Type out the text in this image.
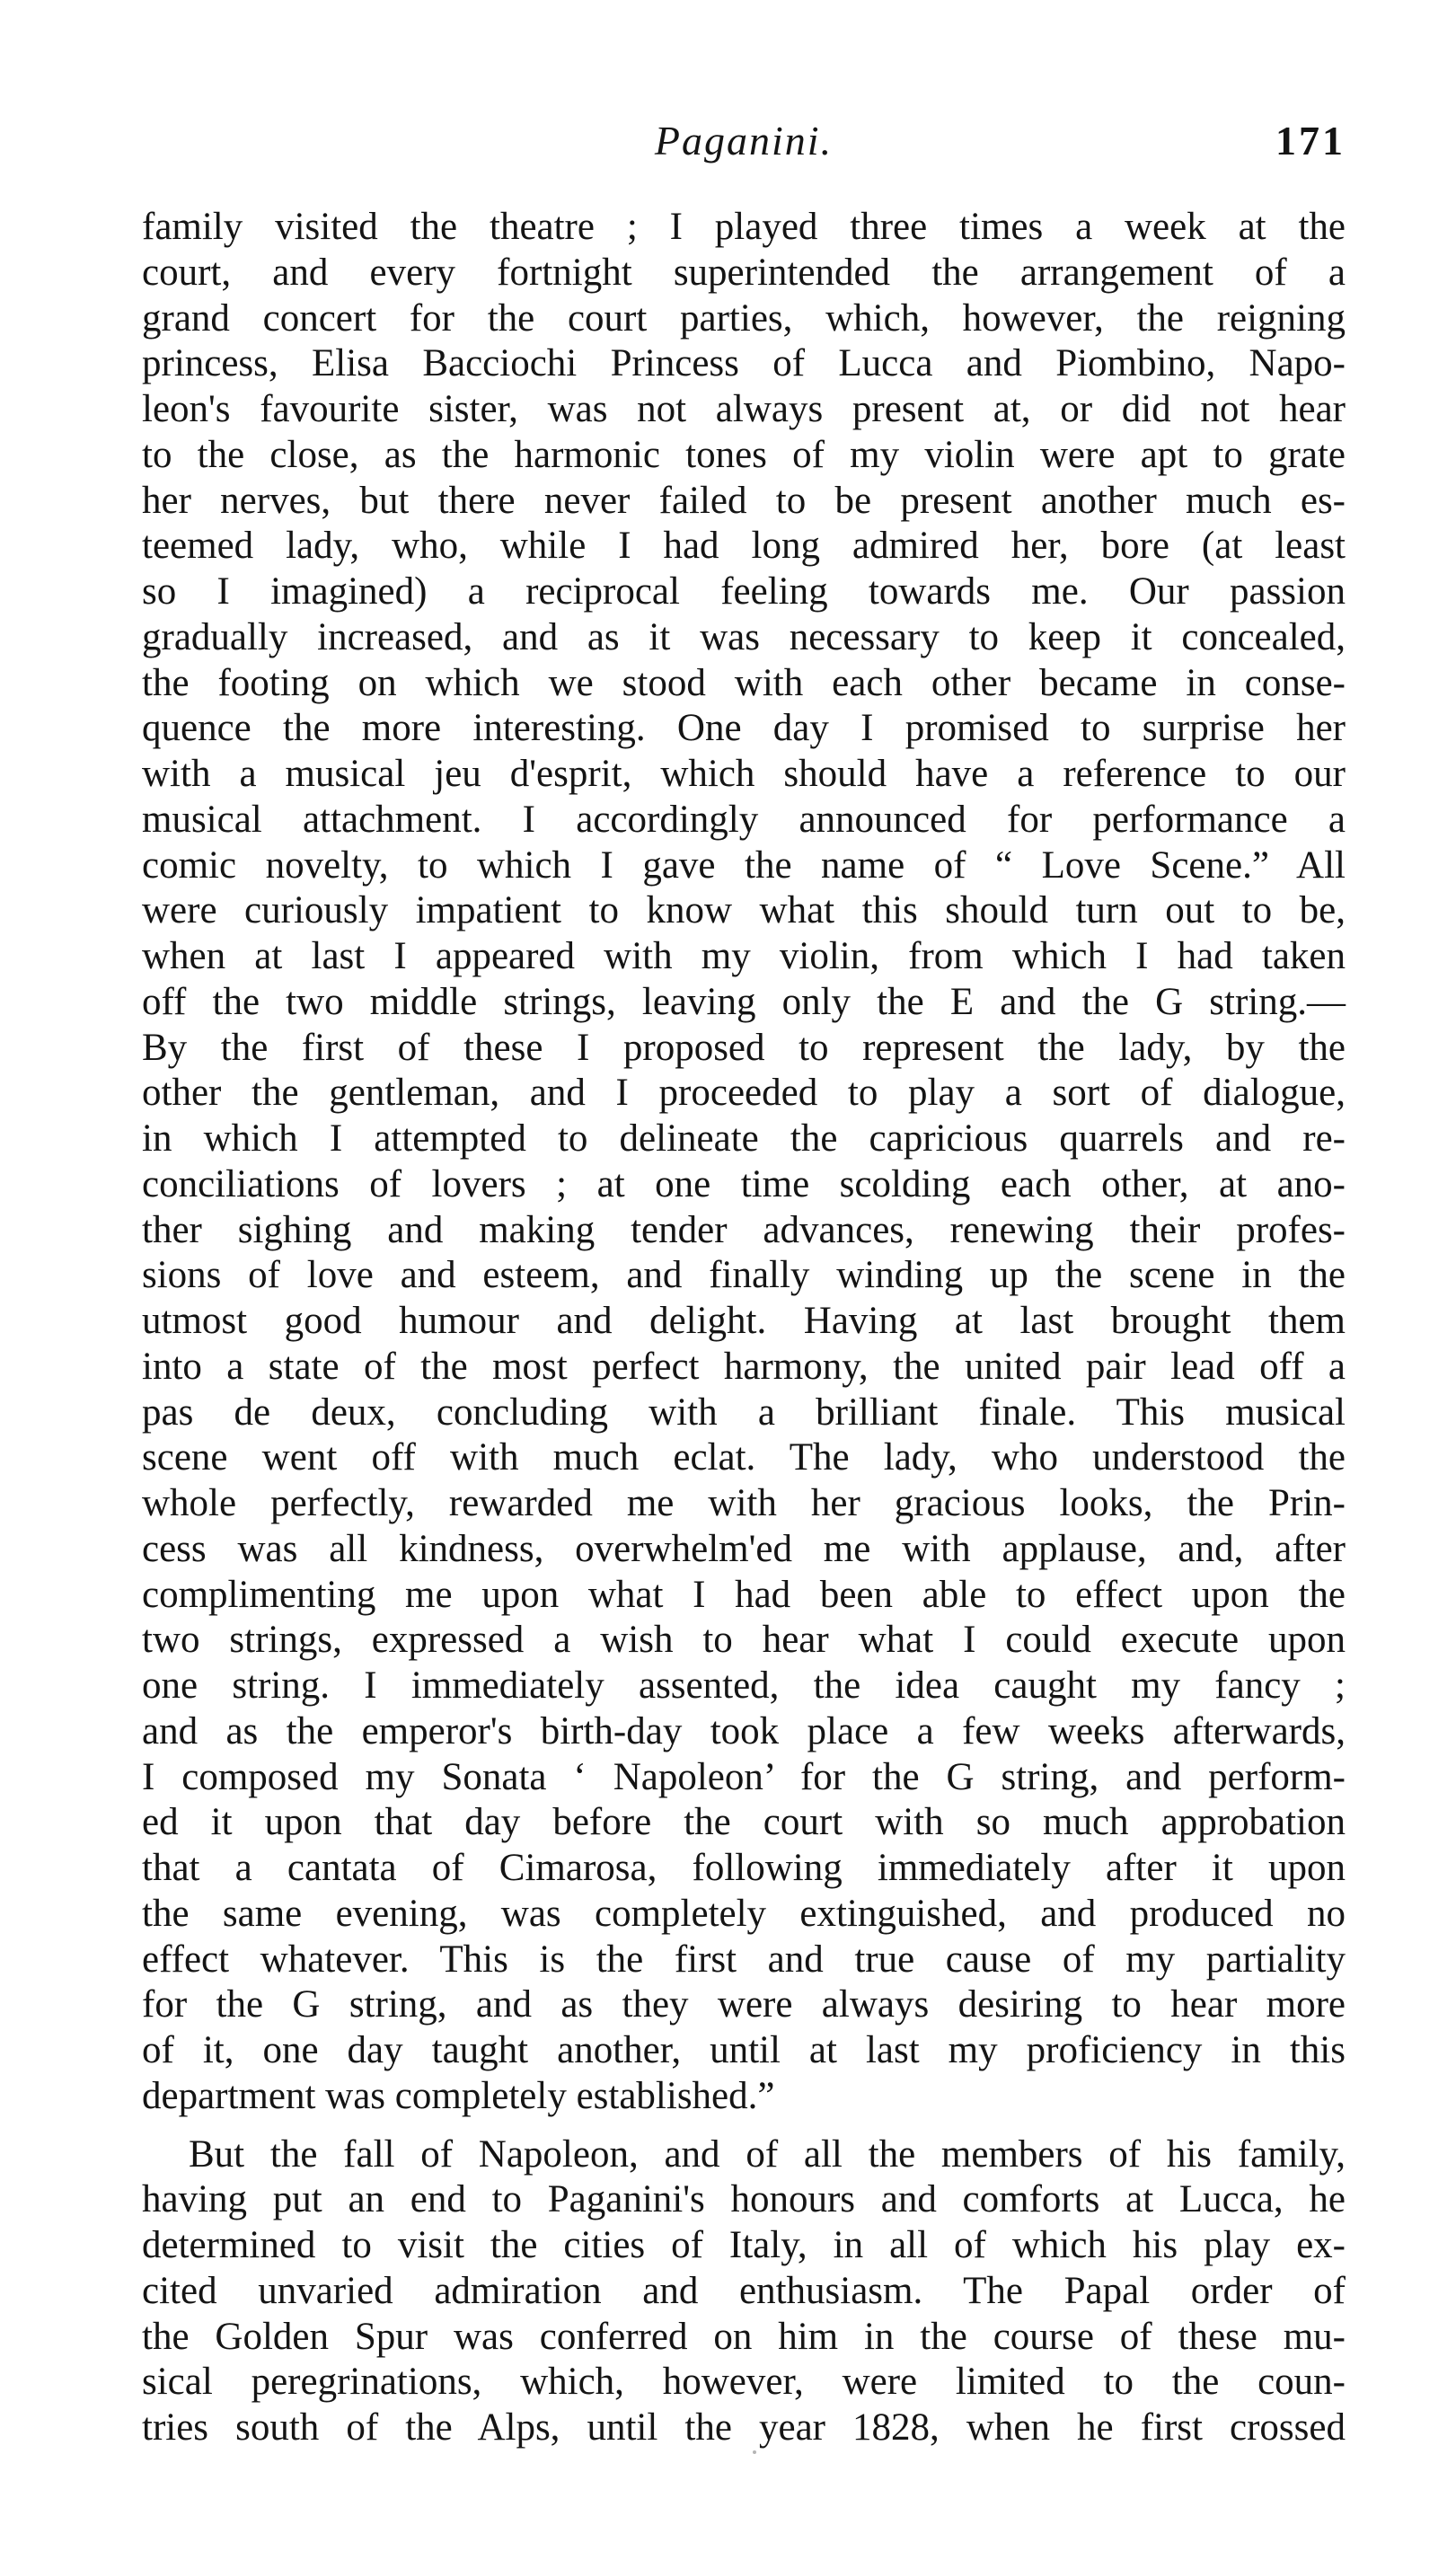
Paganini.	171
family visited the theatre ; I played three times a week at the
court, and every fortnight superintended the arrangement of a
grand concert for the court parties, which, however, the reigning
princess, Elisa Bacciochi Princess of Lucca and Piombino, Napo-
leon's favourite sister, was not always present at, or did not hear
to the close, as the harmonic tones of my violin were apt to grate
her nerves, but there never failed to be present another much es-
teemed lady, who, while I had long admired her, bore (at least
so I imagined) a reciprocal feeling towards me. Our passion
gradually increased, and as it was necessary to keep it concealed,
the footing on which we stood with each other became in conse-
quence the more interesting. One day I promised to surprise her
with a musical jeu d'esprit, which should have a reference to our
musical attachment. I accordingly announced for performance a
comic novelty, to which I gave the name of “ Love Scene.” All
were curiously impatient to know what this should turn out to be,
when at last I appeared with my violin, from which I had taken
off the two middle strings, leaving only the E and the G string.—
By the first of these I proposed to represent the lady, by the
other the gentleman, and I proceeded to play a sort of dialogue,
in which I attempted to delineate the capricious quarrels and re-
conciliations of lovers ; at one time scolding each other, at ano-
ther sighing and making tender advances, renewing their profes-
sions of love and esteem, and finally winding up the scene in the
utmost good humour and delight. Having at last brought them
into a state of the most perfect harmony, the united pair lead off a
pas de deux, concluding with a brilliant finale. This musical
scene went off with much eclat. The lady, who understood the
whole perfectly, rewarded me with her gracious looks, the Prin-
cess was all kindness, overwhelm'ed me with applause, and, after
complimenting me upon what I had been able to effect upon the
two strings, expressed a wish to hear what I could execute upon
one string. I immediately assented, the idea caught my fancy ;
and as the emperor's birth-day took place a few weeks afterwards,
I composed my Sonata ‘ Napoleon’ for the G string, and perform-
ed it upon that day before the court with so much approbation
that a cantata of Cimarosa, following immediately after it upon
the same evening, was completely extinguished, and produced no
effect whatever. This is the first and true cause of my partiality
for the G string, and as they were always desiring to hear more
of it, one day taught another, until at last my proficiency in this
department was completely established.”
But the fall of Napoleon, and of all the members of his family,
having put an end to Paganini's honours and comforts at Lucca, he
determined to visit the cities of Italy, in all of which his play ex-
cited unvaried admiration and enthusiasm. The Papal order of
the Golden Spur was conferred on him in the course of these mu-
sical peregrinations, which, however, were limited to the coun-
tries south of the Alps, until the year 1828, when he first crossed
